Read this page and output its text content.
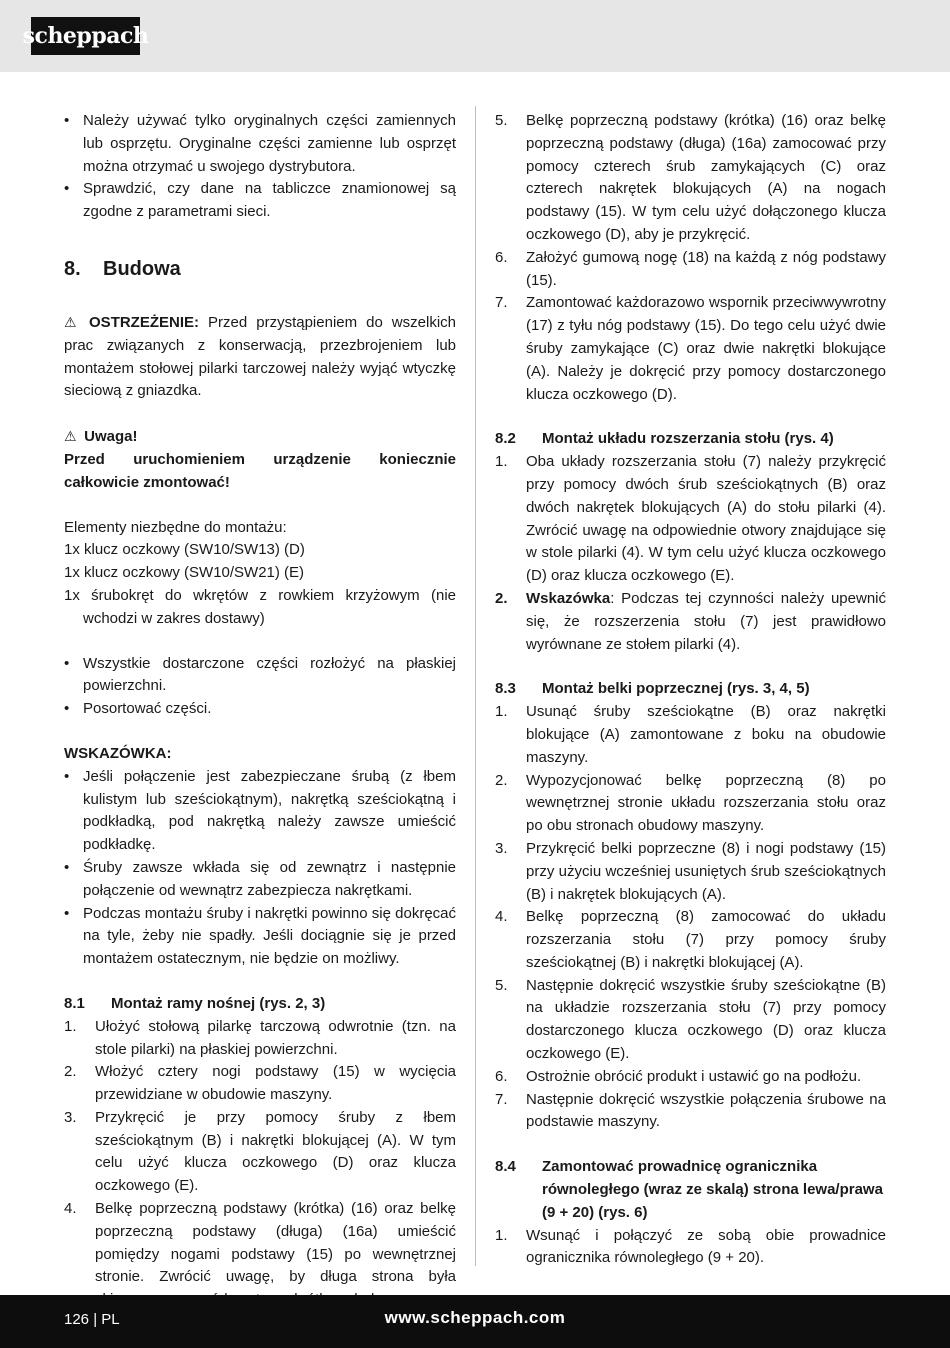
scheppach
• Należy używać tylko oryginalnych części zamiennych lub osprzętu. Oryginalne części zamienne lub osprzęt można otrzymać u swojego dystrybutora.
• Sprawdzić, czy dane na tabliczce znamionowej są zgodne z parametrami sieci.
8. Budowa

⚠ OSTRZEŻENIE: Przed przystąpieniem do wszelkich prac związanych z konserwacją, przezbrojeniem lub montażem stołowej pilarki tarczowej należy wyjąć wtyczkę sieciową z gniazdka.

⚠ Uwaga!

Przed uruchomieniem urządzenie koniecznie całkowicie zmontować!

Elementy niezbędne do montażu:

1x klucz oczkowy (SW10/SW13) (D)

1x klucz oczkowy (SW10/SW21) (E)

1x śrubokręt do wkrętów z rowkiem krzyżowym (nie wchodzi w zakres dostawy)

• Wszystkie dostarczone części rozłożyć na płaskiej powierzchni.
• Posortować części.

WSKAZÓWKA:

• Jeśli połączenie jest zabezpieczane śrubą (z łbem kulistym lub sześciokątnym), nakrętką sześciokątną i podkładką, pod nakrętką należy zawsze umieścić podkładkę.
• Śruby zawsze wkłada się od zewnątrz i następnie połączenie od wewnątrz zabezpiecza nakrętkami.
• Podczas montażu śruby i nakrętki powinno się dokręcać na tyle, żeby nie spadły. Jeśli dociągnie się je przed montażem ostatecznym, nie będzie on możliwy.

8.1 Montaż ramy nośnej (rys. 2, 3)

1. Ułożyć stołową pilarkę tarczową odwrotnie (tzn. na stole pilarki) na płaskiej powierzchni.
2. Włożyć cztery nogi podstawy (15) w wycięcia przewidziane w obudowie maszyny.
3. Przykręcić je przy pomocy śruby z łbem sześciokątnym (B) i nakrętki blokującej (A). W tym celu użyć klucza oczkowego (D) oraz klucza oczkowego (E).
4. Belkę poprzeczną podstawy (krótka) (16) oraz belkę poprzeczną podstawy (długa) (16a) umieścić pomiędzy nogami podstawy (15) po wewnętrznej stronie. Zwrócić uwagę, by długa strona była
5. Belkę poprzeczną podstawy (krótka) (16) oraz belkę poprzeczną podstawy (długa) (16a) zamocować przy pomocy czterech śrub zamykających (C) oraz czterech nakrętek blokujących (A) na nogach podstawy (15). W tym celu użyć dołączonego klucza oczkowego (D), aby je przykręcić.
6. Założyć gumową nogę (18) na każdą z nóg podstawy (15).
7. Zamontować każdorazowo wspornik przeciwwywrotny (17) z tyłu nóg podstawy (15). Do tego celu użyć dwie śruby zamykające (C) oraz dwie nakrętki blokujące (A). Należy je dokręcić przy pomocy dostarczonego klucza oczkowego (D).

8.2 Montaż układu rozszerzania stołu (rys. 4)

1. Oba układy rozszerzania stołu (7) należy przykręcić przy pomocy dwóch śrub sześciokątnych (B) oraz dwóch nakrętek blokujących (A) do stołu pilarki (4). Zwrócić uwagę na odpowiednie otwory znajdujące się w stole pilarki (4). W tym celu użyć klucza oczkowego (D) oraz klucza oczkowego (E).
2. Wskazówka: Podczas tej czynności należy upewnić się, że rozszerzenia stołu (7) jest prawidłowo wyrównane ze stołem pilarki (4).

8.3 Montaż belki poprzecznej (rys. 3, 4, 5)

1. Usunąć śruby sześciokątne (B) oraz nakrętki blokujące (A) zamontowane z boku na obudowie maszyny.
2. Wypozycjonować belkę poprzeczną (8) po wewnętrznej stronie układu rozszerzania stołu oraz po obu stronach obudowy maszyny.
3. Przykręcić belki poprzeczne (8) i nogi podstawy (15) przy użyciu wcześniej usuniętych śrub sześciokątnych (B) i nakrętek blokujących (A).
4. Belkę poprzeczną (8) zamocować do układu rozszerzania stołu (7) przy pomocy śruby sześciokątnej (B) i nakrętki blokującej (A).
5. Następnie dokręcić wszystkie śruby sześciokątne (B) na układzie rozszerzania stołu (7) przy pomocy dostarczonego klucza oczkowego (D) oraz klucza oczkowego (E).
6. Ostrożnie obrócić produkt i ustawić go na podłożu.
7. Następnie dokręcić wszystkie połączenia śrubowe na podstawie maszyny.

8.4 Zamontować prowadnicę ogranicznika równoległego (wraz ze skalą) strona lewa/prawa (9 + 20) (rys. 6)

1. Wsunąć i połączyć ze sobą obie prowadnice ogranicznika równoległego (9 + 20).
126 | PL	www.scheppach.com
